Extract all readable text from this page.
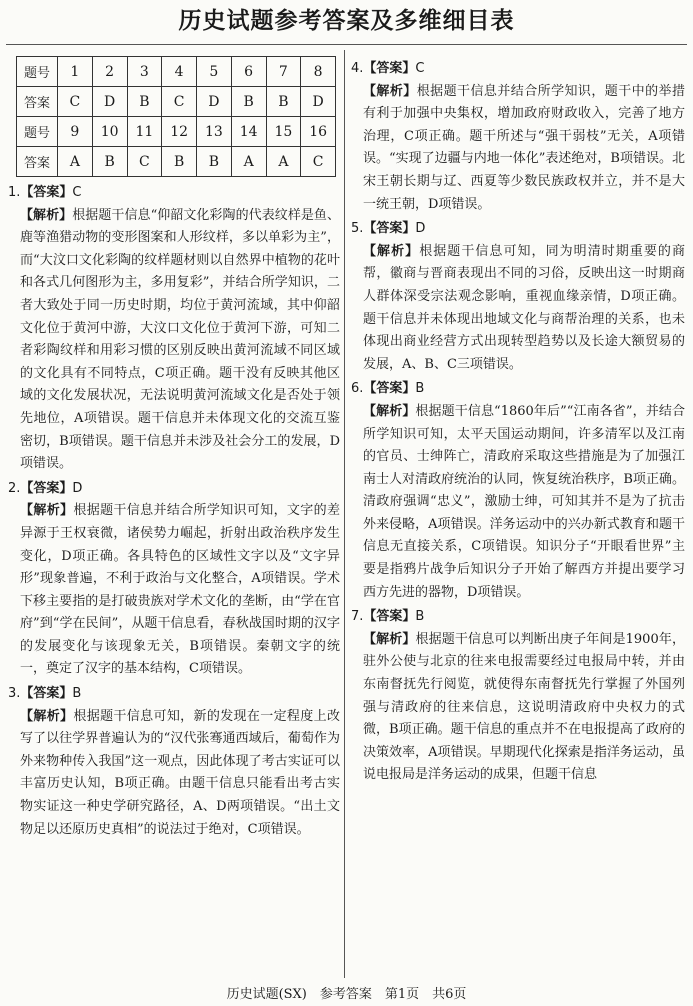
历史试题参考答案及多维细目表
题号	1	2	3	4	5	6	7	8
答案	C	D	B	C	D	B	B	D
题号	9	10	11	12	13	14	15	16
答案	A	B	C	B	B	A	A	C
1.【答案】C
【解析】根据题干信息“仰韶文化彩陶的代表纹样是鱼、鹿等渔猎动物的变形图案和人形纹样，多以单彩为主”，而“大汶口文化彩陶的纹样题材则以自然界中植物的花叶和各式几何图形为主，多用复彩”，并结合所学知识，二者大致处于同一历史时期，均位于黄河流域，其中仰韶文化位于黄河中游，大汶口文化位于黄河下游，可知二者彩陶纹样和用彩习惯的区别反映出黄河流域不同区域的文化具有不同特点，C项正确。题干没有反映其他区域的文化发展状况，无法说明黄河流域文化是否处于领先地位，A项错误。题干信息并未体现文化的交流互鉴密切，B项错误。题干信息并未涉及社会分工的发展，D项错误。
2.【答案】D
【解析】根据题干信息并结合所学知识可知，文字的差异源于王权衰微，诸侯势力崛起，折射出政治秩序发生变化，D项正确。各具特色的区域性文字以及“文字异形”现象普遍，不利于政治与文化整合，A项错误。学术下移主要指的是打破贵族对学术文化的垄断，由“学在官府”到“学在民间”，从题干信息看，春秋战国时期的汉字的发展变化与该现象无关，B项错误。秦朝文字的统一，奠定了汉字的基本结构，C项错误。
3.【答案】B
【解析】根据题干信息可知，新的发现在一定程度上改写了以往学界普遍认为的“汉代张骞通西域后，葡萄作为外来物种传入我国”这一观点，因此体现了考古实证可以丰富历史认知，B项正确。由题干信息只能看出考古实物实证这一种史学研究路径，A、D两项错误。“出土文物足以还原历史真相”的说法过于绝对，C项错误。
4.【答案】C
【解析】根据题干信息并结合所学知识，题干中的举措有利于加强中央集权，增加政府财政收入，完善了地方治理，C项正确。题干所述与“强干弱枝”无关，A项错误。“实现了边疆与内地一体化”表述绝对，B项错误。北宋王朝长期与辽、西夏等少数民族政权并立，并不是大一统王朝，D项错误。
5.【答案】D
【解析】根据题干信息可知，同为明清时期重要的商帮，徽商与晋商表现出不同的习俗，反映出这一时期商人群体深受宗法观念影响，重视血缘亲情，D项正确。题干信息并未体现出地域文化与商帮治理的关系，也未体现出商业经营方式出现转型趋势以及长途大额贸易的发展，A、B、C三项错误。
6.【答案】B
【解析】根据题干信息“1860年后”“江南各省”，并结合所学知识可知，太平天国运动期间，许多清军以及江南的官员、士绅阵亡，清政府采取这些措施是为了加强江南士人对清政府统治的认同，恢复统治秩序，B项正确。清政府强调“忠义”，激励士绅，可知其并不是为了抗击外来侵略，A项错误。洋务运动中的兴办新式教育和题干信息无直接关系，C项错误。知识分子“开眼看世界”主要是指鸦片战争后知识分子开始了解西方并提出要学习西方先进的器物，D项错误。
7.【答案】B
【解析】根据题干信息可以判断出庚子年间是1900年，驻外公使与北京的往来电报需要经过电报局中转，并由东南督抚先行阅览，就使得东南督抚先行掌握了外国列强与清政府的往来信息，这说明清政府中央权力的式微，B项正确。题干信息的重点并不在电报提高了政府的决策效率，A项错误。早期现代化探索是指洋务运动，虽说电报局是洋务运动的成果，但题干信息
历史试题(SX)　参考答案　第1页　共6页
